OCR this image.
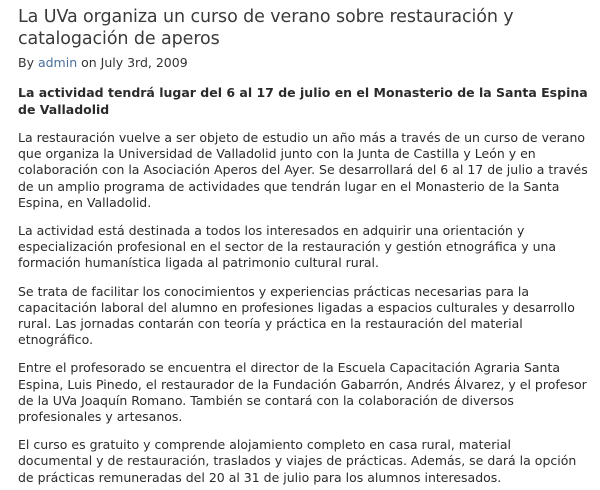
La UVa organiza un curso de verano sobre restauración y catalogación de aperos

By admin on July 3rd, 2009

La actividad tendrá lugar del 6 al 17 de julio en el Monasterio de la Santa Espina de Valladolid

La restauración vuelve a ser objeto de estudio un año más a través de un curso de verano que organiza la Universidad de Valladolid junto con la Junta de Castilla y León y en colaboración con la Asociación Aperos del Ayer. Se desarrollará del 6 al 17 de julio a través de un amplio programa de actividades que tendrán lugar en el Monasterio de la Santa Espina, en Valladolid.

La actividad está destinada a todos los interesados en adquirir una orientación y especialización profesional en el sector de la restauración y gestión etnográfica y una formación humanística ligada al patrimonio cultural rural.

Se trata de facilitar los conocimientos y experiencias prácticas necesarias para la capacitación laboral del alumno en profesiones ligadas a espacios culturales y desarrollo rural. Las jornadas contarán con teoría y práctica en la restauración del material etnográfico.

Entre el profesorado se encuentra el director de la Escuela Capacitación Agraria Santa Espina, Luis Pinedo, el restaurador de la Fundación Gabarrón, Andrés Álvarez, y el profesor de la UVa Joaquín Romano. También se contará con la colaboración de diversos profesionales y artesanos.

El curso es gratuito y comprende alojamiento completo en casa rural, material documental y de restauración, traslados y viajes de prácticas. Además, se dará la opción de prácticas remuneradas del 20 al 31 de julio para los alumnos interesados.
